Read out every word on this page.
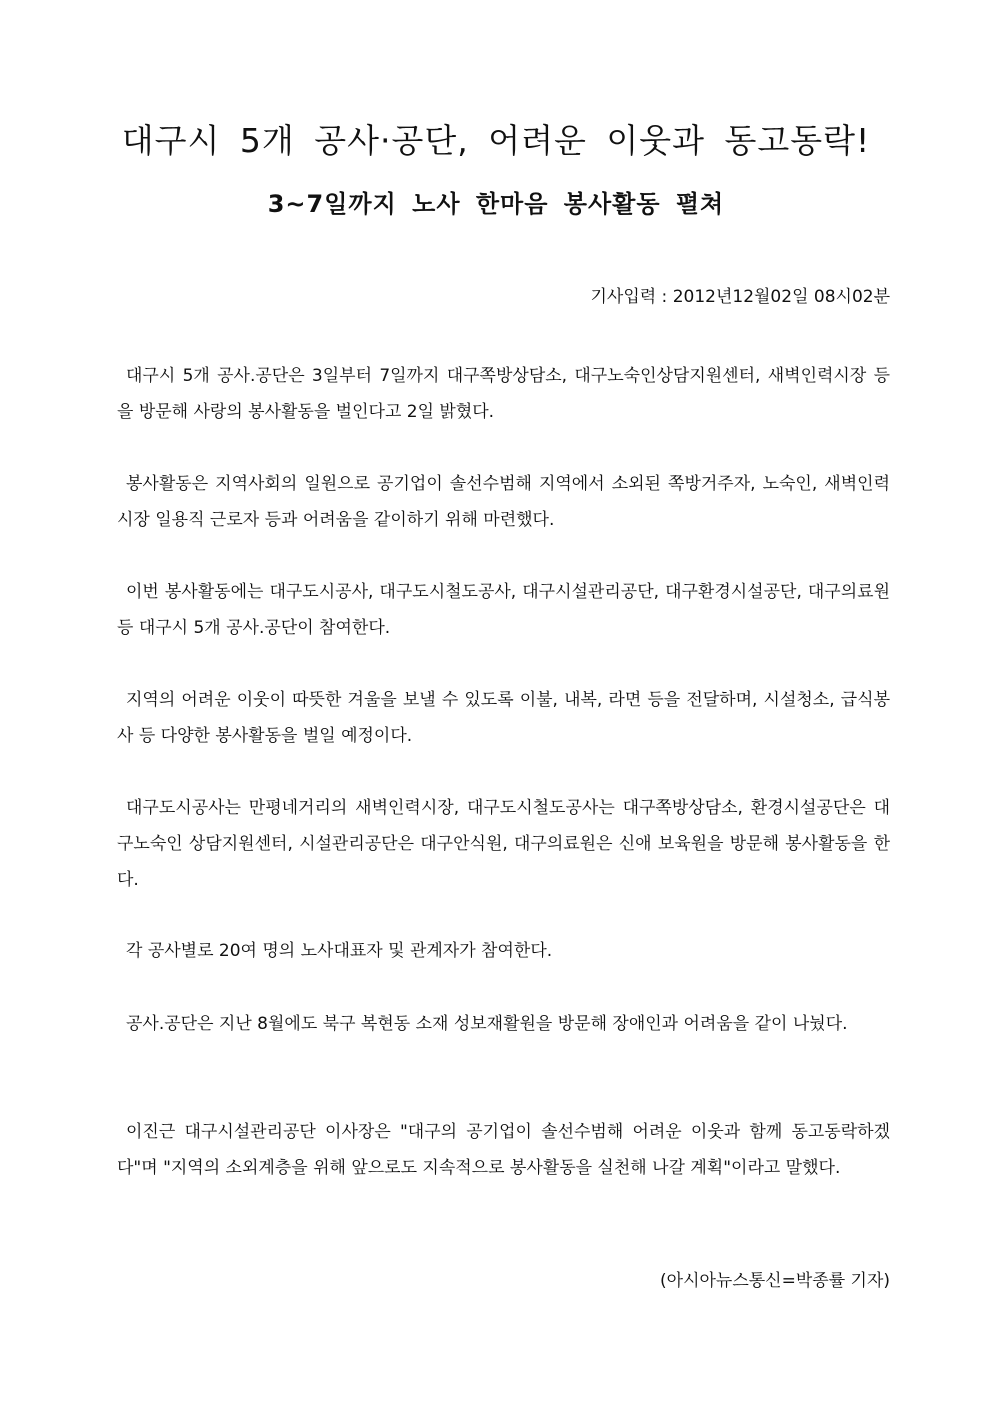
대구시 5개 공사·공단, 어려운 이웃과 동고동락!
3~7일까지 노사 한마음 봉사활동 펼쳐
기사입력 : 2012년12월02일 08시02분

대구시 5개 공사.공단은 3일부터 7일까지 대구쪽방상담소, 대구노숙인상담지원센터, 새벽인력시장 등을 방문해 사랑의 봉사활동을 벌인다고 2일 밝혔다.

봉사활동은 지역사회의 일원으로 공기업이 솔선수범해 지역에서 소외된 쪽방거주자, 노숙인, 새벽인력시장 일용직 근로자 등과 어려움을 같이하기 위해 마련했다.

이번 봉사활동에는 대구도시공사, 대구도시철도공사, 대구시설관리공단, 대구환경시설공단, 대구의료원 등 대구시 5개 공사.공단이 참여한다.

지역의 어려운 이웃이 따뜻한 겨울을 보낼 수 있도록 이불, 내복, 라면 등을 전달하며, 시설청소, 급식봉사 등 다양한 봉사활동을 벌일 예정이다.

대구도시공사는 만평네거리의 새벽인력시장, 대구도시철도공사는 대구쪽방상담소, 환경시설공단은 대구노숙인 상담지원센터, 시설관리공단은 대구안식원, 대구의료원은 신애 보육원을 방문해 봉사활동을 한다.

각 공사별로 20여 명의 노사대표자 및 관계자가 참여한다.

공사.공단은 지난 8월에도 북구 복현동 소재 성보재활원을 방문해 장애인과 어려움을 같이 나눴다.

이진근 대구시설관리공단 이사장은 "대구의 공기업이 솔선수범해 어려운 이웃과 함께 동고동락하겠다"며 "지역의 소외계층을 위해 앞으로도 지속적으로 봉사활동을 실천해 나갈 계획"이라고 말했다.

(아시아뉴스통신=박종률 기자)
